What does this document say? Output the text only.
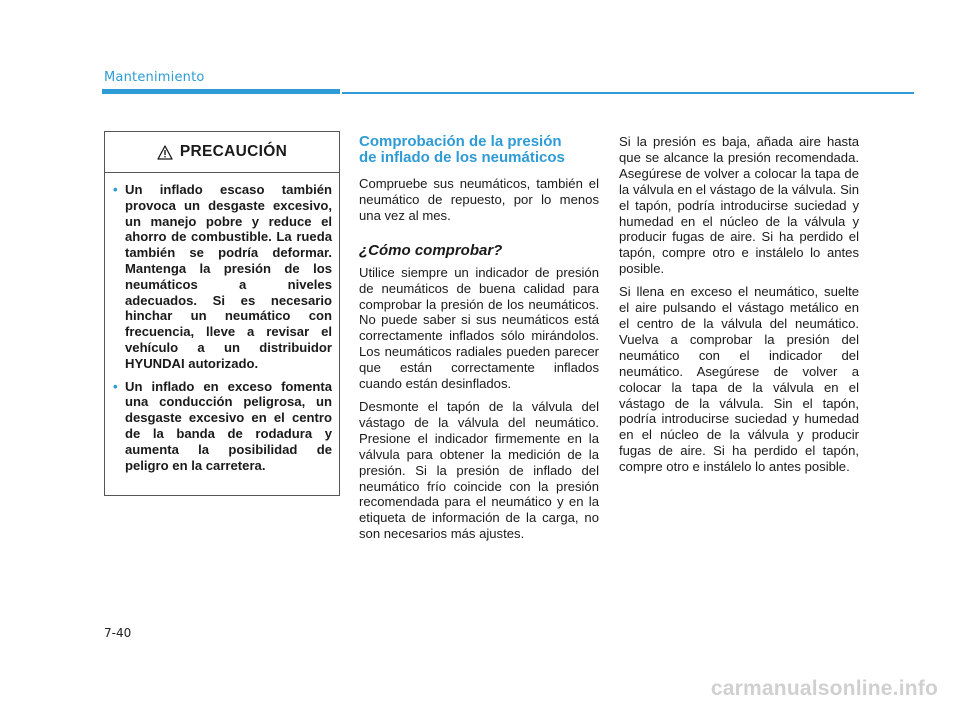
Mantenimiento
PRECAUCIÓN
• Un inflado escaso también provoca un desgaste excesivo, un manejo pobre y reduce el ahorro de combustible. La rueda también se podría deformar. Mantenga la presión de los neumáticos a niveles adecuados. Si es necesario hinchar un neumático con frecuencia, lleve a revisar el vehículo a un distribuidor HYUNDAI autorizado.
• Un inflado en exceso fomenta una conducción peligrosa, un desgaste excesivo en el centro de la banda de rodadura y aumenta la posibilidad de peligro en la carretera.
Comprobación de la presión
de inflado de los neumáticos

Compruebe sus neumáticos, también el neumático de repuesto, por lo menos una vez al mes.

¿Cómo comprobar?

Utilice siempre un indicador de presión de neumáticos de buena calidad para comprobar la presión de los neumáticos. No puede saber si sus neumáticos está correctamente inflados sólo mirándolos. Los neumáticos radiales pueden parecer que están correctamente inflados cuando están desinflados.

Desmonte el tapón de la válvula del vástago de la válvula del neumático. Presione el indicador firmemente en la válvula para obtener la medición de la presión. Si la presión de inflado del neumático frío coincide con la presión recomendada para el neumático y en la etiqueta de información de la carga, no son necesarios más ajustes.

Si la presión es baja, añada aire hasta que se alcance la presión recomendada. Asegúrese de volver a colocar la tapa de la válvula en el vástago de la válvula. Sin el tapón, podría introducirse suciedad y humedad en el núcleo de la válvula y producir fugas de aire. Si ha perdido el tapón, compre otro e instálelo lo antes posible.

Si llena en exceso el neumático, suelte el aire pulsando el vástago metálico en el centro de la válvula del neumático. Vuelva a comprobar la presión del neumático con el indicador del neumático. Asegúrese de volver a colocar la tapa de la válvula en el vástago de la válvula. Sin el tapón, podría introducirse suciedad y humedad en el núcleo de la válvula y producir fugas de aire. Si ha perdido el tapón, compre otro e instálelo lo antes posible.

7-40
carmanualsonline.info
